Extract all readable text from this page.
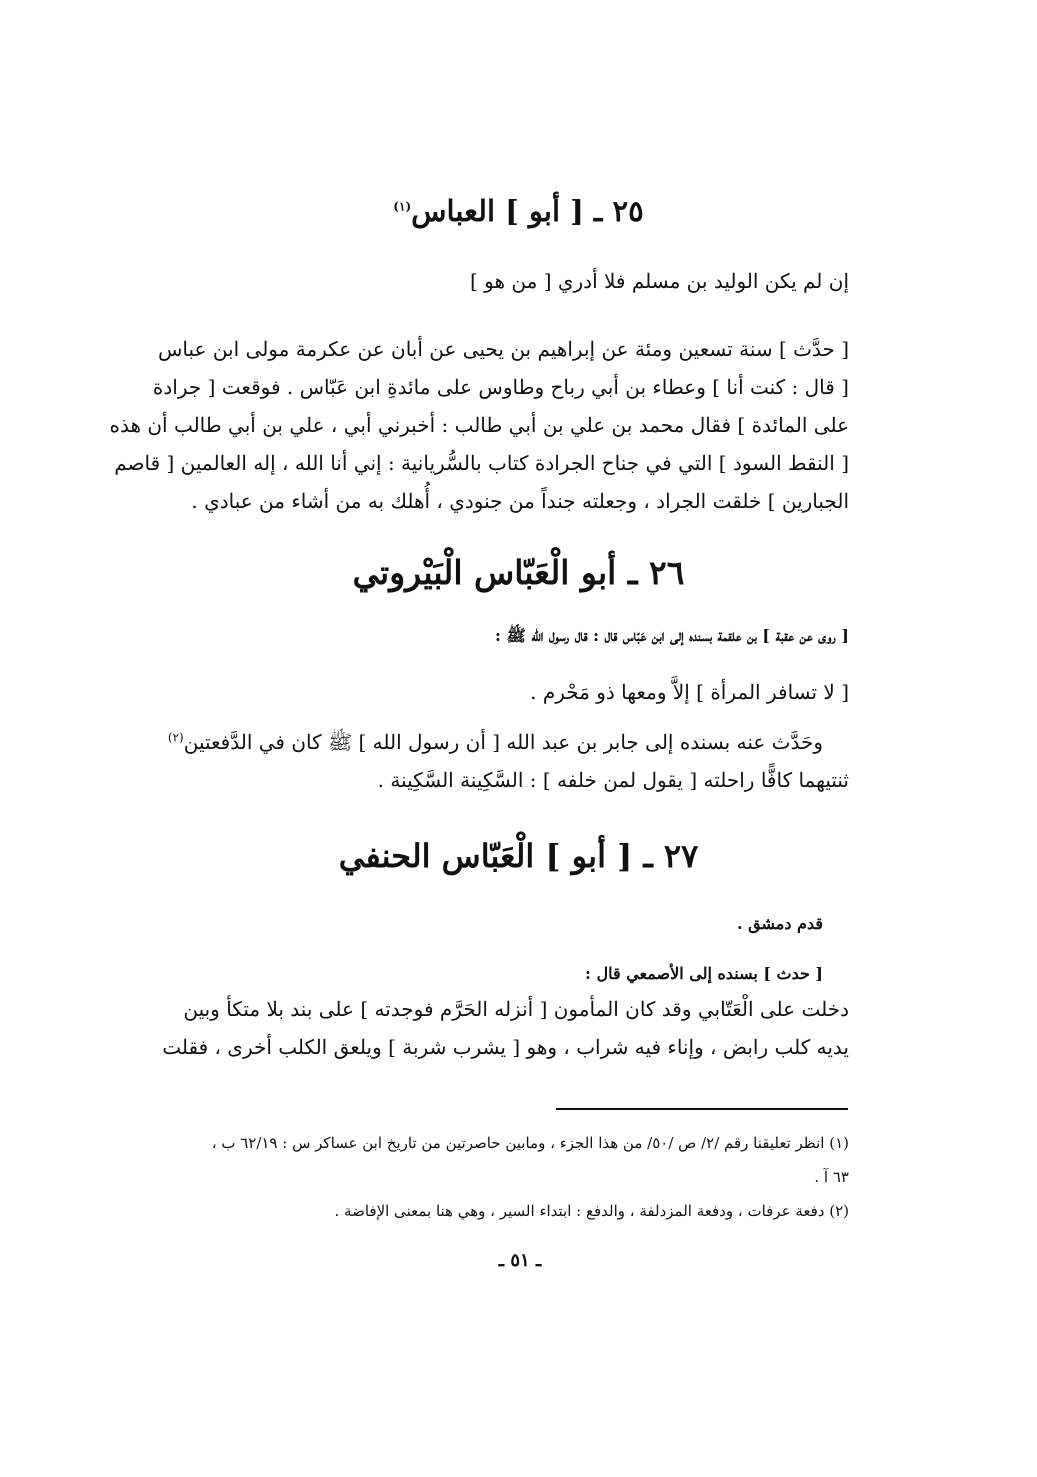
٢٥ ـ [ أبو ] العباس$^{(١)}$
إن لم يكن الوليد بن مسلم فلا أدري [ من هو ]
[ حدَّث ] سنة تسعين ومئة عن إبراهيم بن يحيى عن أبان عن عكرمة مولى ابن عباس
[ قال : كنت أنا ] وعطاء بن أبي رباح وطاوس على مائدةِ ابن عَبّاس . فوقعت [ جرادة
على المائدة ] فقال محمد بن علي بن أبي طالب : أخبرني أبي ، علي بن أبي طالب أن هذه
[ النقط السود ] التي في جناح الجرادة كتاب بالسُّريانية : إني أنا الله ، إله العالمين [ قاصم
الجبارين ] خلقت الجراد ، وجعلته جنداً من جنودي ، أُهلك به من أشاء من عبادي .
٢٦ ـ أبو الْعَبّاس الْبَيْروتي
[ روى عن عقبة ] بن علقمة بسنده إلى ابن عَبّاس قال : قال رسول الله ﷺ :
[ لا تسافر المرأة ] إلاَّ ومعها ذو مَحْرم .
وحَدَّث عنه بسنده إلى جابر بن عبد الله [ أن رسول الله ] ﷺ كان في الدَّفعتين$^{(٢)}$
ثنتيهما كافًّا راحلته [ يقول لمن خلفه ] : السَّكِينة السَّكِينة .
٢٧ ـ [ أبو ] الْعَبّاس الحنفي
قدم دمشق .
[ حدث ] بسنده إلى الأصمعي قال :
دخلت على الْعَتّابي وقد كان المأمون [ أنزله الحَرَّم فوجدته ] على بند بلا متكأ وبين
يديه كلب رابض ، وإناء فيه شراب ، وهو [ يشرب شربة ] ويلعق الكلب أخرى ، فقلت
(١) انظر تعليقنا رقم /٢/ ص /٥٠/ من هذا الجزء ، ومابين حاصرتين من تاريخ ابن عساكر س : ٦٢/١٩ ب ،
٦٣ آ .
(٢) دفعة عرفات ، ودفعة المزدلفة ، والدفع : ابتداء السير ، وهي هنا بمعنى الإفاضة .
ـ ٥١ ـ
